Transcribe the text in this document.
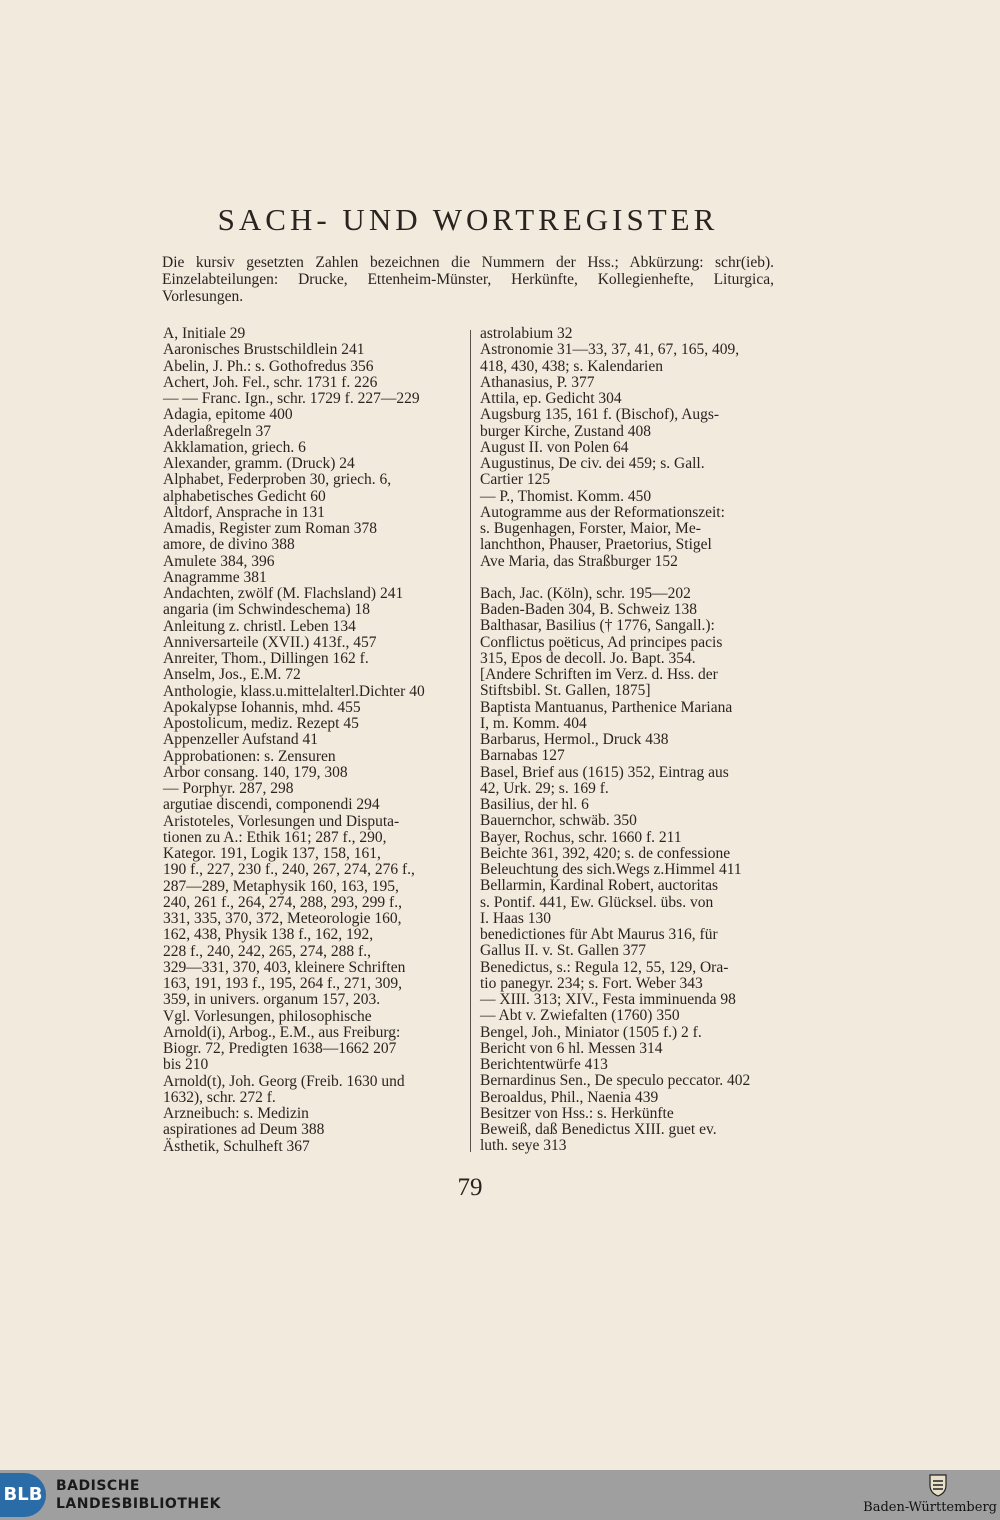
SACH- UND WORTREGISTER

Die kursiv gesetzten Zahlen bezeichnen die Nummern der Hss.; Abkürzung: schr(ieb). Einzelabteilungen: Drucke, Ettenheim-Münster, Herkünfte, Kollegienhefte, Liturgica, Vorlesungen.

A, Initiale 29
Aaronisches Brustschildlein 241
Abelin, J. Ph.: s. Gothofredus 356
Achert, Joh. Fel., schr. 1731 f. 226
— — Franc. Ign., schr. 1729 f. 227—229
Adagia, epitome 400
Aderlaßregeln 37
Akklamation, griech. 6
Alexander, gramm. (Druck) 24
Alphabet, Federproben 30, griech. 6,
alphabetisches Gedicht 60
Altdorf, Ansprache in 131
Amadis, Register zum Roman 378
amore, de divino 388
Amulete 384, 396
Anagramme 381
Andachten, zwölf (M. Flachsland) 241
angaria (im Schwindeschema) 18
Anleitung z. christl. Leben 134
Anniversarteile (XVII.) 413f., 457
Anreiter, Thom., Dillingen 162 f.
Anselm, Jos., E.M. 72
Anthologie, klass.u.mittelalterl.Dichter 40
Apokalypse Iohannis, mhd. 455
Apostolicum, mediz. Rezept 45
Appenzeller Aufstand 41
Approbationen: s. Zensuren
Arbor consang. 140, 179, 308
— Porphyr. 287, 298
argutiae discendi, componendi 294
Aristoteles, Vorlesungen und Disputa-
tionen zu A.: Ethik 161; 287 f., 290,
Kategor. 191, Logik 137, 158, 161,
190 f., 227, 230 f., 240, 267, 274, 276 f.,
287—289, Metaphysik 160, 163, 195,
240, 261 f., 264, 274, 288, 293, 299 f.,
331, 335, 370, 372, Meteorologie 160,
162, 438, Physik 138 f., 162, 192,
228 f., 240, 242, 265, 274, 288 f.,
329—331, 370, 403, kleinere Schriften
163, 191, 193 f., 195, 264 f., 271, 309,
359, in univers. organum 157, 203.
Vgl. Vorlesungen, philosophische
Arnold(i), Arbog., E.M., aus Freiburg:
Biogr. 72, Predigten 1638—1662 207
bis 210
Arnold(t), Joh. Georg (Freib. 1630 und
1632), schr. 272 f.
Arzneibuch: s. Medizin
aspirationes ad Deum 388
Ästhetik, Schulheft 367
astrolabium 32
Astronomie 31—33, 37, 41, 67, 165, 409,
418, 430, 438; s. Kalendarien
Athanasius, P. 377
Attila, ep. Gedicht 304
Augsburg 135, 161 f. (Bischof), Augs-
burger Kirche, Zustand 408
August II. von Polen 64
Augustinus, De civ. dei 459; s. Gall.
Cartier 125
— P., Thomist. Komm. 450
Autogramme aus der Reformationszeit:
s. Bugenhagen, Forster, Maior, Me-
lanchthon, Phauser, Praetorius, Stigel
Ave Maria, das Straßburger 152
Bach, Jac. (Köln), schr. 195—202
Baden-Baden 304, B. Schweiz 138
Balthasar, Basilius († 1776, Sangall.):
Conflictus poëticus, Ad principes pacis
315, Epos de decoll. Jo. Bapt. 354.
[Andere Schriften im Verz. d. Hss. der
Stiftsbibl. St. Gallen, 1875]
Baptista Mantuanus, Parthenice Mariana
I, m. Komm. 404
Barbarus, Hermol., Druck 438
Barnabas 127
Basel, Brief aus (1615) 352, Eintrag aus
42, Urk. 29; s. 169 f.
Basilius, der hl. 6
Bauernchor, schwäb. 350
Bayer, Rochus, schr. 1660 f. 211
Beichte 361, 392, 420; s. de confessione
Beleuchtung des sich.Wegs z.Himmel 411
Bellarmin, Kardinal Robert, auctoritas
s. Pontif. 441, Ew. Glücksel. übs. von
I. Haas 130
benedictiones für Abt Maurus 316, für
Gallus II. v. St. Gallen 377
Benedictus, s.: Regula 12, 55, 129, Ora-
tio panegyr. 234; s. Fort. Weber 343
— XIII. 313; XIV., Festa imminuenda 98
— Abt v. Zwiefalten (1760) 350
Bengel, Joh., Miniator (1505 f.) 2 f.
Bericht von 6 hl. Messen 314
Berichtentwürfe 413
Bernardinus Sen., De speculo peccator. 402
Beroaldus, Phil., Naenia 439
Besitzer von Hss.: s. Herkünfte
Beweiß, daß Benedictus XIII. guet ev.
luth. seye 313
79
BLB BADISCHE
LANDESBIBLIOTHEK	Baden-Württemberg
